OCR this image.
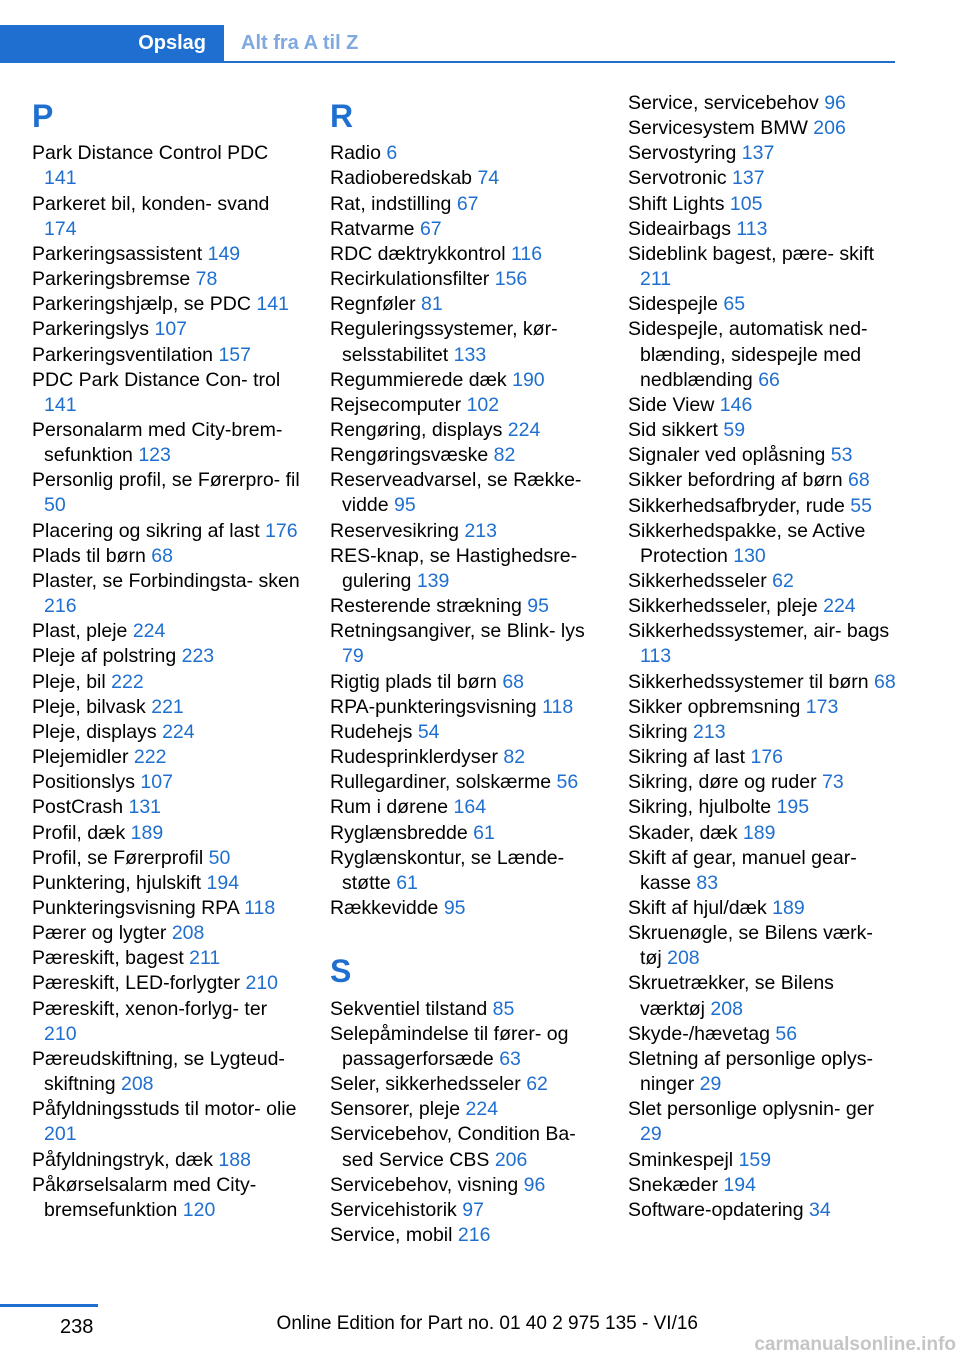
Opslag	Alt fra A til Z
P
Park Distance Control PDC 141
Parkeret bil, konden- svand 174
Parkeringsassistent 149
Parkeringsbremse 78
Parkeringshjælp, se PDC 141
Parkeringslys 107
Parkeringsventilation 157
PDC Park Distance Con- trol 141
Personalarm med City-brem- sefunktion 123
Personlig profil, se Førerpro- fil 50
Placering og sikring af last 176
Plads til børn 68
Plaster, se Forbindingsta- sken 216
Plast, pleje 224
Pleje af polstring 223
Pleje, bil 222
Pleje, bilvask 221
Pleje, displays 224
Plejemidler 222
Positionslys 107
PostCrash 131
Profil, dæk 189
Profil, se Førerprofil 50
Punktering, hjulskift 194
Punkteringsvisning RPA 118
Pærer og lygter 208
Pæreskift, bagest 211
Pæreskift, LED-forlygter 210
Pæreskift, xenon-forlyg- ter 210
Pæreudskiftning, se Lygteud- skiftning 208
Påfyldningsstuds til motor- olie 201
Påfyldningstryk, dæk 188
Påkørselsalarm med City- bremsefunktion 120
R
Radio 6
Radioberedskab 74
Rat, indstilling 67
Ratvarme 67
RDC dæktrykkontrol 116
Recirkulationsfilter 156
Regnføler 81
Reguleringssystemer, kør- selsstabilitet 133
Regummierede dæk 190
Rejsecomputer 102
Rengøring, displays 224
Rengøringsvæske 82
Reserveadvarsel, se Række- vidde 95
Reservesikring 213
RES-knap, se Hastighedsre- gulering 139
Resterende strækning 95
Retningsangiver, se Blink- lys 79
Rigtig plads til børn 68
RPA-punkteringsvisning 118
Rudehejs 54
Rudesprinklerdyser 82
Rullegardiner, solskærme 56
Rum i dørene 164
Ryglænsbredde 61
Ryglænskontur, se Lænde- støtte 61
Rækkevidde 95
S
Sekventiel tilstand 85
Selepåmindelse til fører- og passagerforsæde 63
Seler, sikkerhedsseler 62
Sensorer, pleje 224
Servicebehov, Condition Ba- sed Service CBS 206
Servicebehov, visning 96
Servicehistorik 97
Service, mobil 216
Service, servicebehov 96
Servicesystem BMW 206
Servostyring 137
Servotronic 137
Shift Lights 105
Sideairbags 113
Sideblink bagest, pære- skift 211
Sidespejle 65
Sidespejle, automatisk ned- blænding, sidespejle med nedblænding 66
Side View 146
Sid sikkert 59
Signaler ved oplåsning 53
Sikker befordring af børn 68
Sikkerhedsafbryder, rude 55
Sikkerhedspakke, se Active Protection 130
Sikkerhedsseler 62
Sikkerhedsseler, pleje 224
Sikkerhedssystemer, air- bags 113
Sikkerhedssystemer til børn 68
Sikker opbremsning 173
Sikring 213
Sikring af last 176
Sikring, døre og ruder 73
Sikring, hjulbolte 195
Skader, dæk 189
Skift af gear, manuel gear- kasse 83
Skift af hjul/dæk 189
Skruenøgle, se Bilens værk- tøj 208
Skruetrækker, se Bilens værktøj 208
Skyde-/hævetag 56
Sletning af personlige oplys- ninger 29
Slet personlige oplysnin- ger 29
Sminkespejl 159
Snekæder 194
Software-opdatering 34
238	Online Edition for Part no. 01 40 2 975 135 - VI/16
carmanualsonline.info
